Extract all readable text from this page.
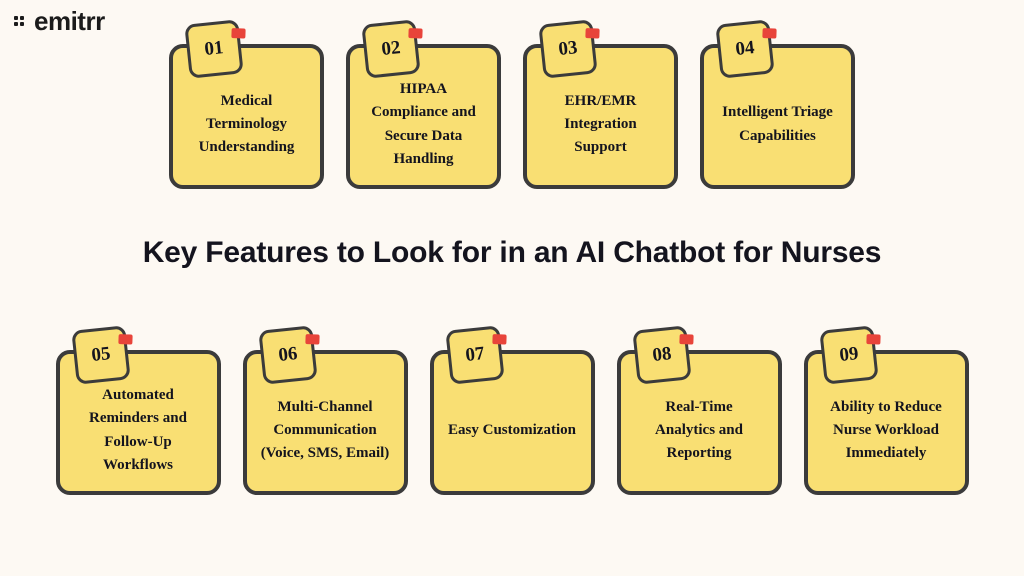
emitrr
01
Medical Terminology Understanding
02
HIPAA Compliance and Secure Data Handling
03
EHR/EMR Integration Support
04
Intelligent Triage Capabilities
Key Features to Look for in an AI Chatbot for Nurses
05
Automated Reminders and Follow-Up Workflows
06
Multi-Channel Communication (Voice, SMS, Email)
07
Easy Customization
08
Real-Time Analytics and Reporting
09
Ability to Reduce Nurse Workload Immediately
